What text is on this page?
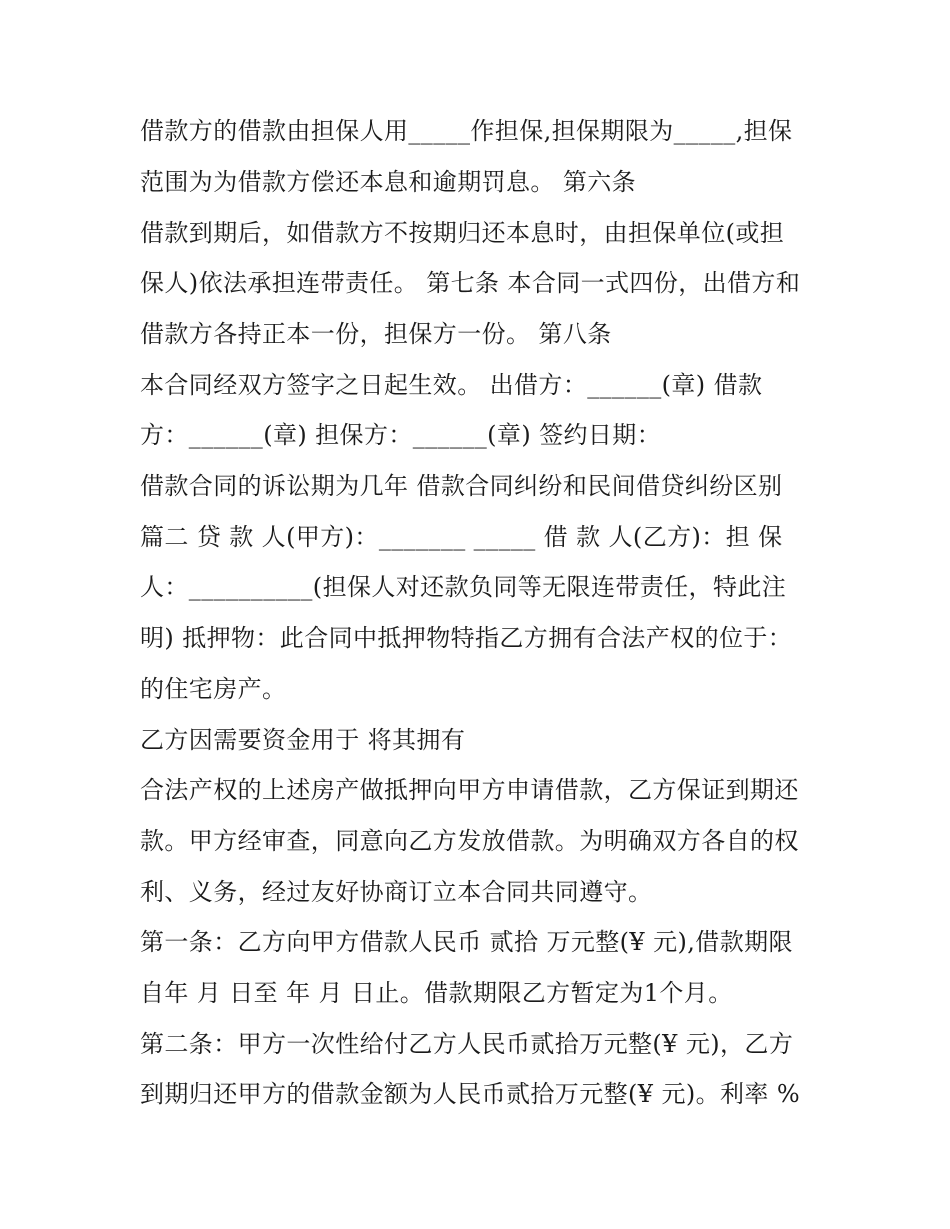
借款方的借款由担保人用_____作担保,担保期限为_____,担保
范围为为借款方偿还本息和逾期罚息。 第六条
借款到期后，如借款方不按期归还本息时，由担保单位(或担
保人)依法承担连带责任。 第七条 本合同一式四份，出借方和
借款方各持正本一份，担保方一份。 第八条
本合同经双方签字之日起生效。 出借方：______(章) 借款
方：______(章) 担保方：______(章) 签约日期：
借款合同的诉讼期为几年 借款合同纠纷和民间借贷纠纷区别
篇二 贷 款 人(甲方)：_______ _____ 借 款 人(乙方)：担 保
人：__________(担保人对还款负同等无限连带责任，特此注
明) 抵押物：此合同中抵押物特指乙方拥有合法产权的位于：
的住宅房产。
乙方因需要资金用于 将其拥有
合法产权的上述房产做抵押向甲方申请借款，乙方保证到期还
款。甲方经审查，同意向乙方发放借款。为明确双方各自的权
利、义务，经过友好协商订立本合同共同遵守。
第一条：乙方向甲方借款人民币 贰拾 万元整(¥ 元),借款期限
自年 月 日至 年 月 日止。借款期限乙方暂定为1个月。
第二条：甲方一次性给付乙方人民币贰拾万元整(¥ 元)，乙方
到期归还甲方的借款金额为人民币贰拾万元整(¥ 元)。利率 %
